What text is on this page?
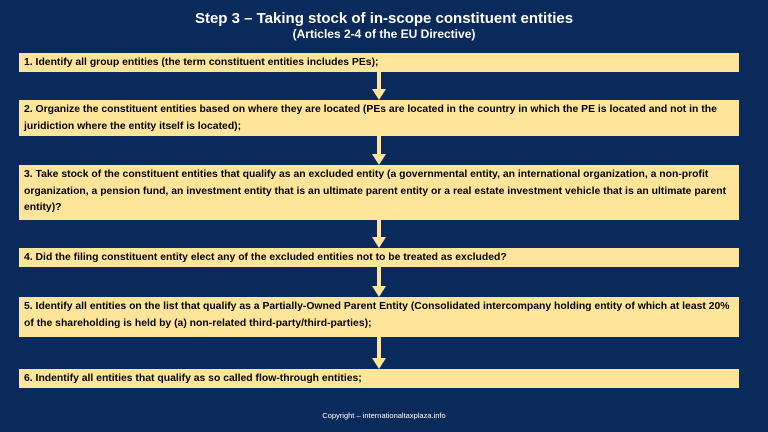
Step 3 – Taking stock of in-scope constituent entities
(Articles 2-4 of the EU Directive)
1. Identify all group entities (the term constituent entities includes PEs);
2. Organize the constituent entities based on where they are located (PEs are located in the country in which the PE is located and not in the juridiction where the entity itself is located);
3. Take stock of the constituent entities that qualify as an excluded entity (a governmental entity, an international organization, a non-profit organization, a pension fund, an investment entity that is an ultimate parent entity or a real estate investment vehicle that is an ultimate parent entity)?
4. Did the filing constituent entity elect any of the excluded entities not to be treated as excluded?
5. Identify all entities on the list that qualify as a Partially-Owned Parent Entity (Consolidated intercompany holding entity of which at least 20% of the shareholding is held by (a) non-related third-party/third-parties);
6. Indentify all entities that qualify as so called flow-through entities;
Copyright – internationaltaxplaza.info
